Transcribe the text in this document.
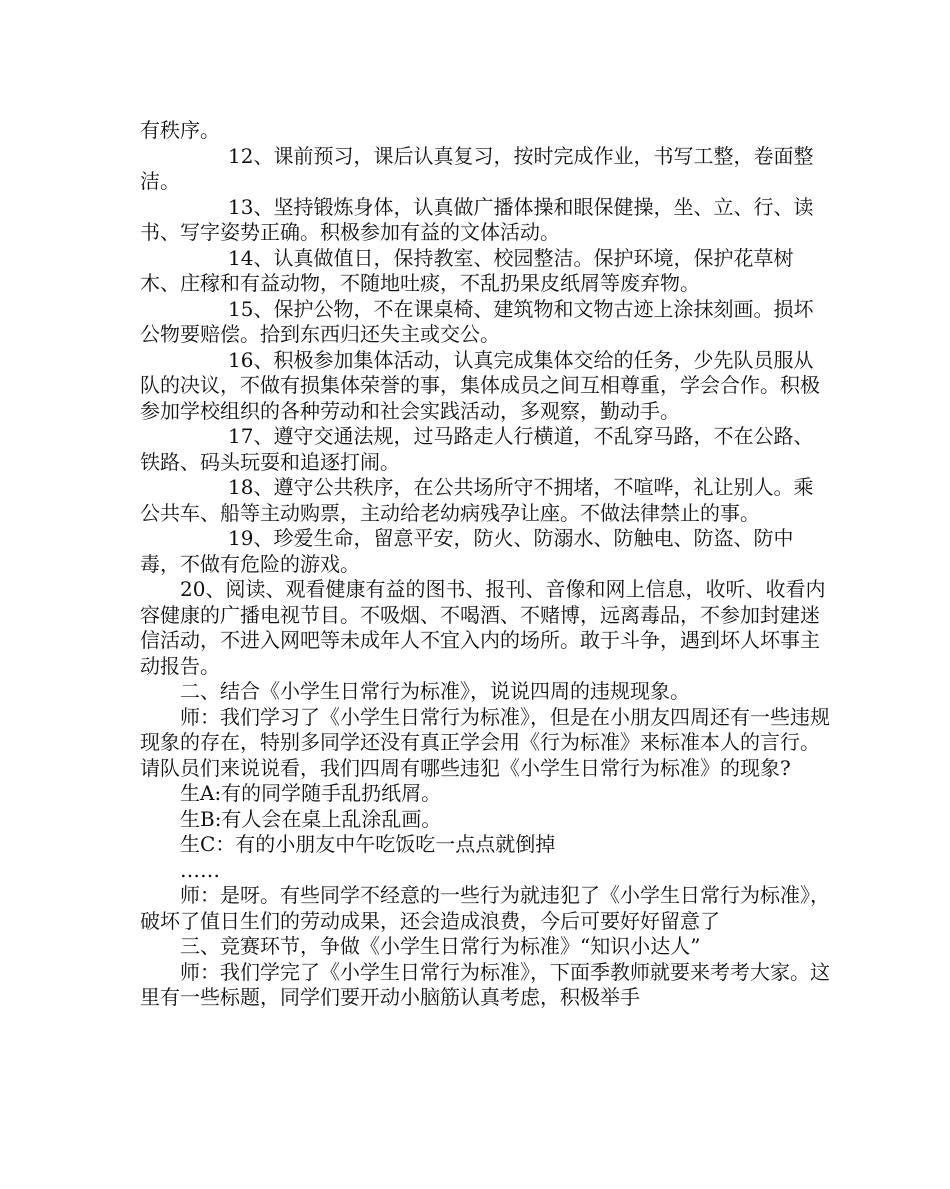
有秩序。

12、课前预习，课后认真复习，按时完成作业，书写工整，卷面整洁。

13、坚持锻炼身体，认真做广播体操和眼保健操，坐、立、行、读书、写字姿势正确。积极参加有益的文体活动。

14、认真做值日，保持教室、校园整洁。保护环境，保护花草树木、庄稼和有益动物，不随地吐痰，不乱扔果皮纸屑等废弃物。

15、保护公物，不在课桌椅、建筑物和文物古迹上涂抹刻画。损坏公物要赔偿。拾到东西归还失主或交公。

16、积极参加集体活动，认真完成集体交给的任务，少先队员服从队的决议，不做有损集体荣誉的事，集体成员之间互相尊重，学会合作。积极参加学校组织的各种劳动和社会实践活动，多观察，勤动手。

17、遵守交通法规，过马路走人行横道，不乱穿马路，不在公路、铁路、码头玩耍和追逐打闹。

18、遵守公共秩序，在公共场所守不拥堵，不喧哗，礼让别人。乘公共车、船等主动购票，主动给老幼病残孕让座。不做法律禁止的事。

19、珍爱生命，留意平安，防火、防溺水、防触电、防盗、防中毒，不做有危险的游戏。

20、阅读、观看健康有益的图书、报刊、音像和网上信息，收听、收看内容健康的广播电视节目。不吸烟、不喝酒、不赌博，远离毒品，不参加封建迷信活动，不进入网吧等未成年人不宜入内的场所。敢于斗争，遇到坏人坏事主动报告。

二、结合《小学生日常行为标准》，说说四周的违规现象。

师：我们学习了《小学生日常行为标准》，但是在小朋友四周还有一些违规现象的存在，特别多同学还没有真正学会用《行为标准》来标准本人的言行。请队员们来说说看，我们四周有哪些违犯《小学生日常行为标准》的现象?

生A:有的同学随手乱扔纸屑。

生B:有人会在桌上乱涂乱画。

生C：有的小朋友中午吃饭吃一点点就倒掉

……

师：是呀。有些同学不经意的一些行为就违犯了《小学生日常行为标准》，破坏了值日生们的劳动成果，还会造成浪费，今后可要好好留意了

三、竞赛环节，争做《小学生日常行为标准》“知识小达人”

师：我们学完了《小学生日常行为标准》，下面季教师就要来考考大家。这里有一些标题，同学们要开动小脑筋认真考虑，积极举手
